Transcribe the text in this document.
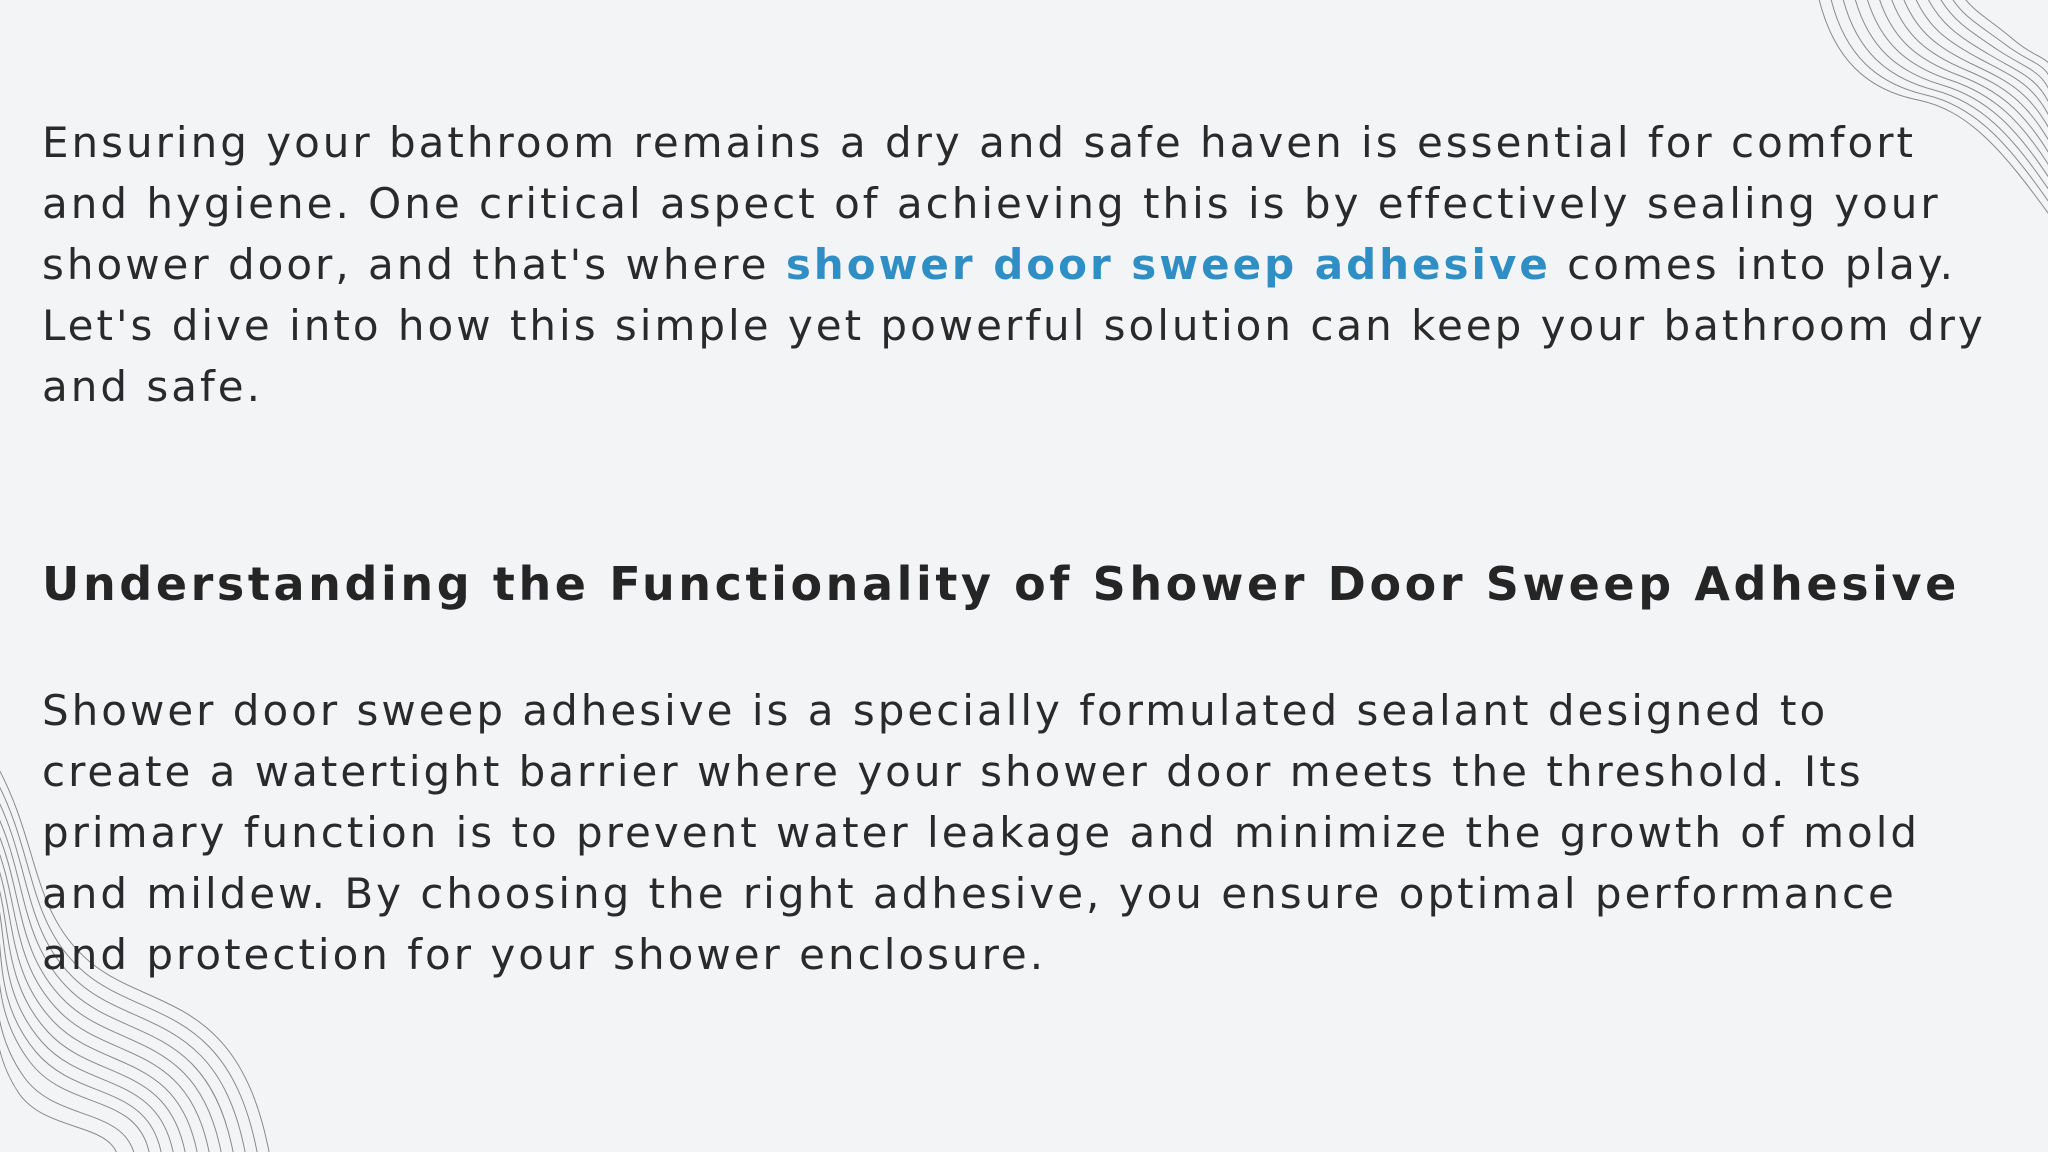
Ensuring your bathroom remains a dry and safe haven is essential for comfort and hygiene. One critical aspect of achieving this is by effectively sealing your shower door, and that's where shower door sweep adhesive comes into play. Let's dive into how this simple yet powerful solution can keep your bathroom dry and safe.

Understanding the Functionality of Shower Door Sweep Adhesive

Shower door sweep adhesive is a specially formulated sealant designed to create a watertight barrier where your shower door meets the threshold. Its primary function is to prevent water leakage and minimize the growth of mold and mildew. By choosing the right adhesive, you ensure optimal performance and protection for your shower enclosure.
